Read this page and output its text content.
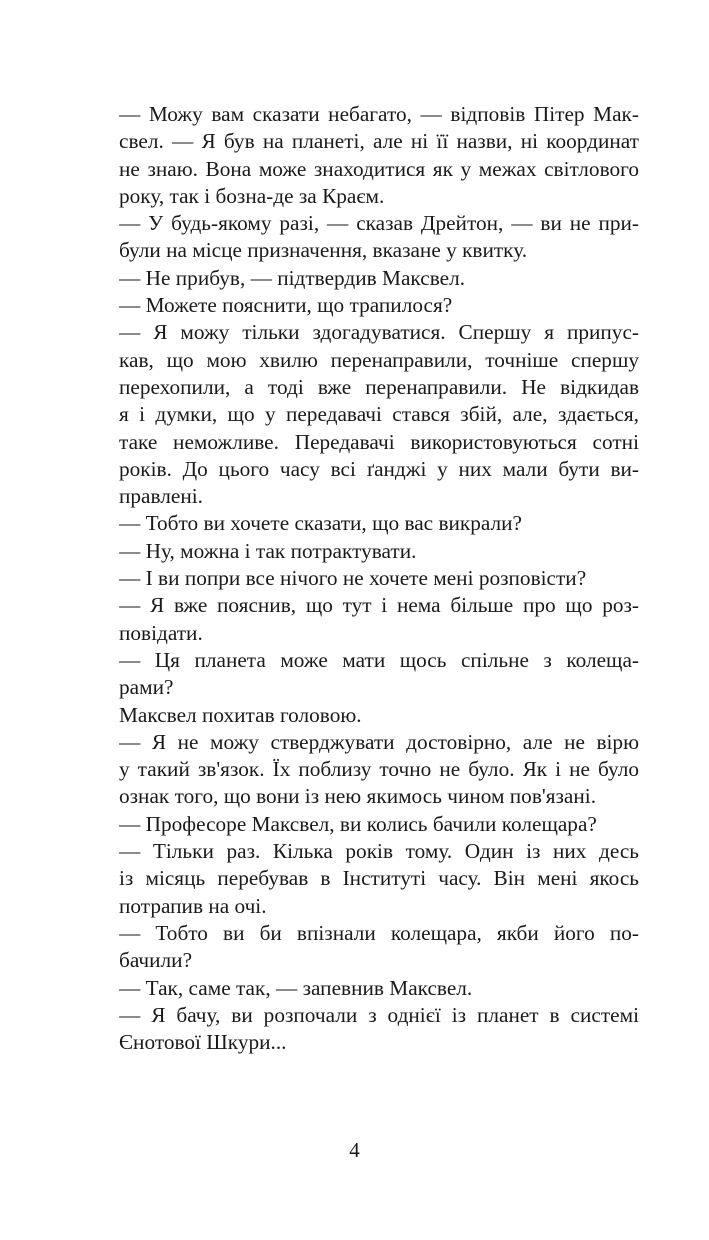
— Можу вам сказати небагато, — відповів Пітер Мак-
свел. — Я був на планеті, але ні її назви, ні координат
не знаю. Вона може знаходитися як у межах світлового
року, так і бозна-де за Краєм.
— У будь-якому разі, — сказав Дрейтон, — ви не при-
були на місце призначення, вказане у квитку.
— Не прибув, — підтвердив Максвел.
— Можете пояснити, що трапилося?
— Я можу тільки здогадуватися. Спершу я припус-
кав, що мою хвилю перенаправили, точніше спершу
перехопили, а тоді вже перенаправили. Не відкидав
я і думки, що у передавачі стався збій, але, здається,
таке неможливе. Передавачі використовуються сотні
років. До цього часу всі ґанджі у них мали бути ви-
правлені.
— Тобто ви хочете сказати, що вас викрали?
— Ну, можна і так потрактувати.
— І ви попри все нічого не хочете мені розповісти?
— Я вже пояснив, що тут і нема більше про що роз-
повідати.
— Ця планета може мати щось спільне з колеща-
рами?
Максвел похитав головою.
— Я не можу стверджувати достовірно, але не вірю
у такий зв'язок. Їх поблизу точно не було. Як і не було
ознак того, що вони із нею якимось чином пов'язані.
— Професоре Максвел, ви колись бачили колещара?
— Тільки раз. Кілька років тому. Один із них десь
із місяць перебував в Інституті часу. Він мені якось
потрапив на очі.
— Тобто ви би впізнали колещара, якби його по-
бачили?
— Так, саме так, — запевнив Максвел.
— Я бачу, ви розпочали з однієї із планет в системі
Єнотової Шкури...
4
